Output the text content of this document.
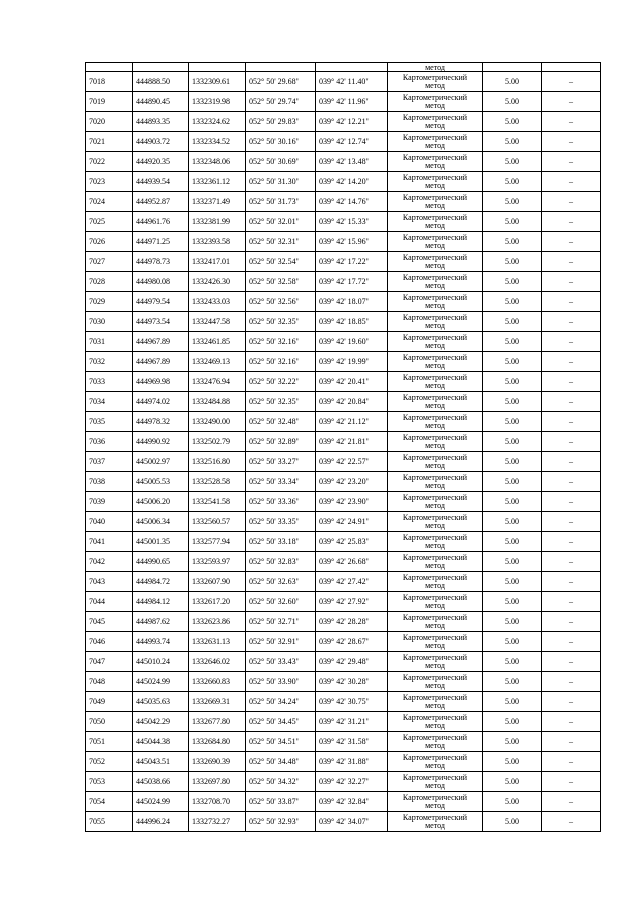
					метод		
7018	444888.50	1332309.61	052° 50' 29.68"	039° 42' 11.40"	Картометрический
метод	5.00	–
7019	444890.45	1332319.98	052° 50' 29.74"	039° 42' 11.96"	Картометрический
метод	5.00	–
7020	444893.35	1332324.62	052° 50' 29.83"	039° 42' 12.21"	Картометрический
метод	5.00	–
7021	444903.72	1332334.52	052° 50' 30.16"	039° 42' 12.74"	Картометрический
метод	5.00	–
7022	444920.35	1332348.06	052° 50' 30.69"	039° 42' 13.48"	Картометрический
метод	5.00	–
7023	444939.54	1332361.12	052° 50' 31.30"	039° 42' 14.20"	Картометрический
метод	5.00	–
7024	444952.87	1332371.49	052° 50' 31.73"	039° 42' 14.76"	Картометрический
метод	5.00	–
7025	444961.76	1332381.99	052° 50' 32.01"	039° 42' 15.33"	Картометрический
метод	5.00	–
7026	444971.25	1332393.58	052° 50' 32.31"	039° 42' 15.96"	Картометрический
метод	5.00	–
7027	444978.73	1332417.01	052° 50' 32.54"	039° 42' 17.22"	Картометрический
метод	5.00	–
7028	444980.08	1332426.30	052° 50' 32.58"	039° 42' 17.72"	Картометрический
метод	5.00	–
7029	444979.54	1332433.03	052° 50' 32.56"	039° 42' 18.07"	Картометрический
метод	5.00	–
7030	444973.54	1332447.58	052° 50' 32.35"	039° 42' 18.85"	Картометрический
метод	5.00	–
7031	444967.89	1332461.85	052° 50' 32.16"	039° 42' 19.60"	Картометрический
метод	5.00	–
7032	444967.89	1332469.13	052° 50' 32.16"	039° 42' 19.99"	Картометрический
метод	5.00	–
7033	444969.98	1332476.94	052° 50' 32.22"	039° 42' 20.41"	Картометрический
метод	5.00	–
7034	444974.02	1332484.88	052° 50' 32.35"	039° 42' 20.84"	Картометрический
метод	5.00	–
7035	444978.32	1332490.00	052° 50' 32.48"	039° 42' 21.12"	Картометрический
метод	5.00	–
7036	444990.92	1332502.79	052° 50' 32.89"	039° 42' 21.81"	Картометрический
метод	5.00	–
7037	445002.97	1332516.80	052° 50' 33.27"	039° 42' 22.57"	Картометрический
метод	5.00	–
7038	445005.53	1332528.58	052° 50' 33.34"	039° 42' 23.20"	Картометрический
метод	5.00	–
7039	445006.20	1332541.58	052° 50' 33.36"	039° 42' 23.90"	Картометрический
метод	5.00	–
7040	445006.34	1332560.57	052° 50' 33.35"	039° 42' 24.91"	Картометрический
метод	5.00	–
7041	445001.35	1332577.94	052° 50' 33.18"	039° 42' 25.83"	Картометрический
метод	5.00	–
7042	444990.65	1332593.97	052° 50' 32.83"	039° 42' 26.68"	Картометрический
метод	5.00	–
7043	444984.72	1332607.90	052° 50' 32.63"	039° 42' 27.42"	Картометрический
метод	5.00	–
7044	444984.12	1332617.20	052° 50' 32.60"	039° 42' 27.92"	Картометрический
метод	5.00	–
7045	444987.62	1332623.86	052° 50' 32.71"	039° 42' 28.28"	Картометрический
метод	5.00	–
7046	444993.74	1332631.13	052° 50' 32.91"	039° 42' 28.67"	Картометрический
метод	5.00	–
7047	445010.24	1332646.02	052° 50' 33.43"	039° 42' 29.48"	Картометрический
метод	5.00	–
7048	445024.99	1332660.83	052° 50' 33.90"	039° 42' 30.28"	Картометрический
метод	5.00	–
7049	445035.63	1332669.31	052° 50' 34.24"	039° 42' 30.75"	Картометрический
метод	5.00	–
7050	445042.29	1332677.80	052° 50' 34.45"	039° 42' 31.21"	Картометрический
метод	5.00	–
7051	445044.38	1332684.80	052° 50' 34.51"	039° 42' 31.58"	Картометрический
метод	5.00	–
7052	445043.51	1332690.39	052° 50' 34.48"	039° 42' 31.88"	Картометрический
метод	5.00	–
7053	445038.66	1332697.80	052° 50' 34.32"	039° 42' 32.27"	Картометрический
метод	5.00	–
7054	445024.99	1332708.70	052° 50' 33.87"	039° 42' 32.84"	Картометрический
метод	5.00	–
7055	444996.24	1332732.27	052° 50' 32.93"	039° 42' 34.07"	Картометрический
метод	5.00	–
